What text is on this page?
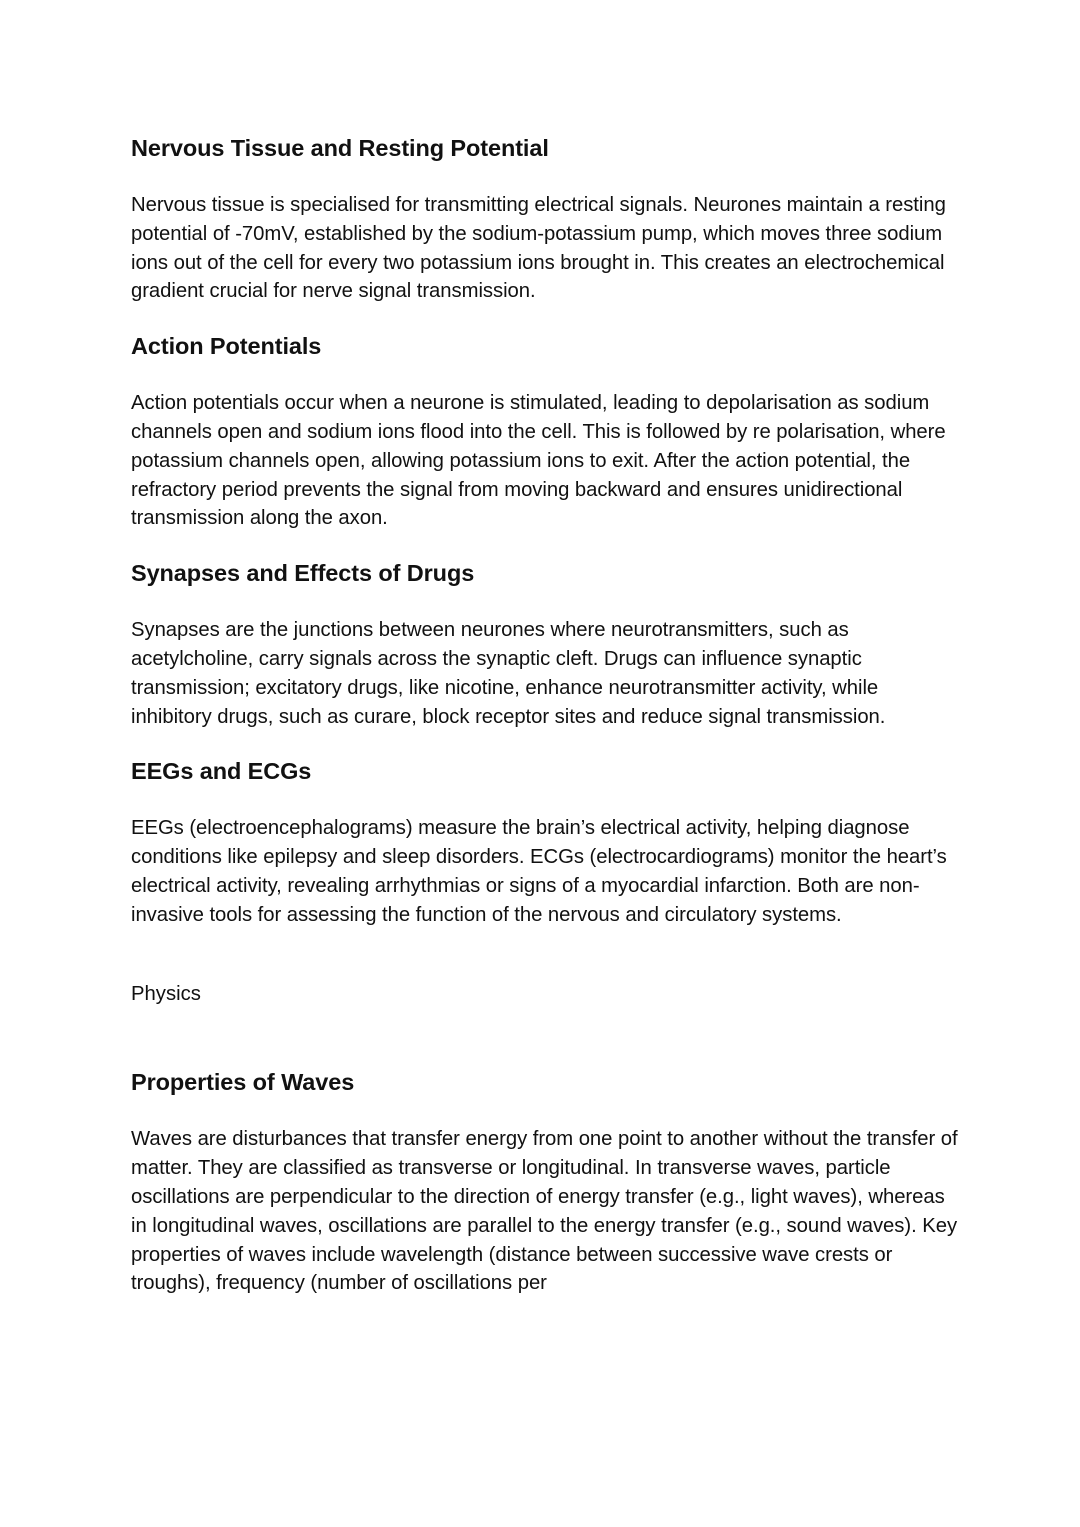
Nervous Tissue and Resting Potential

Nervous tissue is specialised for transmitting electrical signals. Neurones maintain a resting potential of -70mV, established by the sodium-potassium pump, which moves three sodium ions out of the cell for every two potassium ions brought in. This creates an electrochemical gradient crucial for nerve signal transmission.

Action Potentials

Action potentials occur when a neurone is stimulated, leading to depolarisation as sodium channels open and sodium ions flood into the cell. This is followed by re polarisation, where potassium channels open, allowing potassium ions to exit. After the action potential, the refractory period prevents the signal from moving backward and ensures unidirectional transmission along the axon.

Synapses and Effects of Drugs

Synapses are the junctions between neurones where neurotransmitters, such as acetylcholine, carry signals across the synaptic cleft. Drugs can influence synaptic transmission; excitatory drugs, like nicotine, enhance neurotransmitter activity, while inhibitory drugs, such as curare, block receptor sites and reduce signal transmission.

EEGs and ECGs

EEGs (electroencephalograms) measure the brain’s electrical activity, helping diagnose conditions like epilepsy and sleep disorders. ECGs (electrocardiograms) monitor the heart’s electrical activity, revealing arrhythmias or signs of a myocardial infarction. Both are non-invasive tools for assessing the function of the nervous and circulatory systems.

Physics
Properties of Waves

Waves are disturbances that transfer energy from one point to another without the transfer of matter. They are classified as transverse or longitudinal. In transverse waves, particle oscillations are perpendicular to the direction of energy transfer (e.g., light waves), whereas in longitudinal waves, oscillations are parallel to the energy transfer (e.g., sound waves). Key properties of waves include wavelength (distance between successive wave crests or troughs), frequency (number of oscillations per
